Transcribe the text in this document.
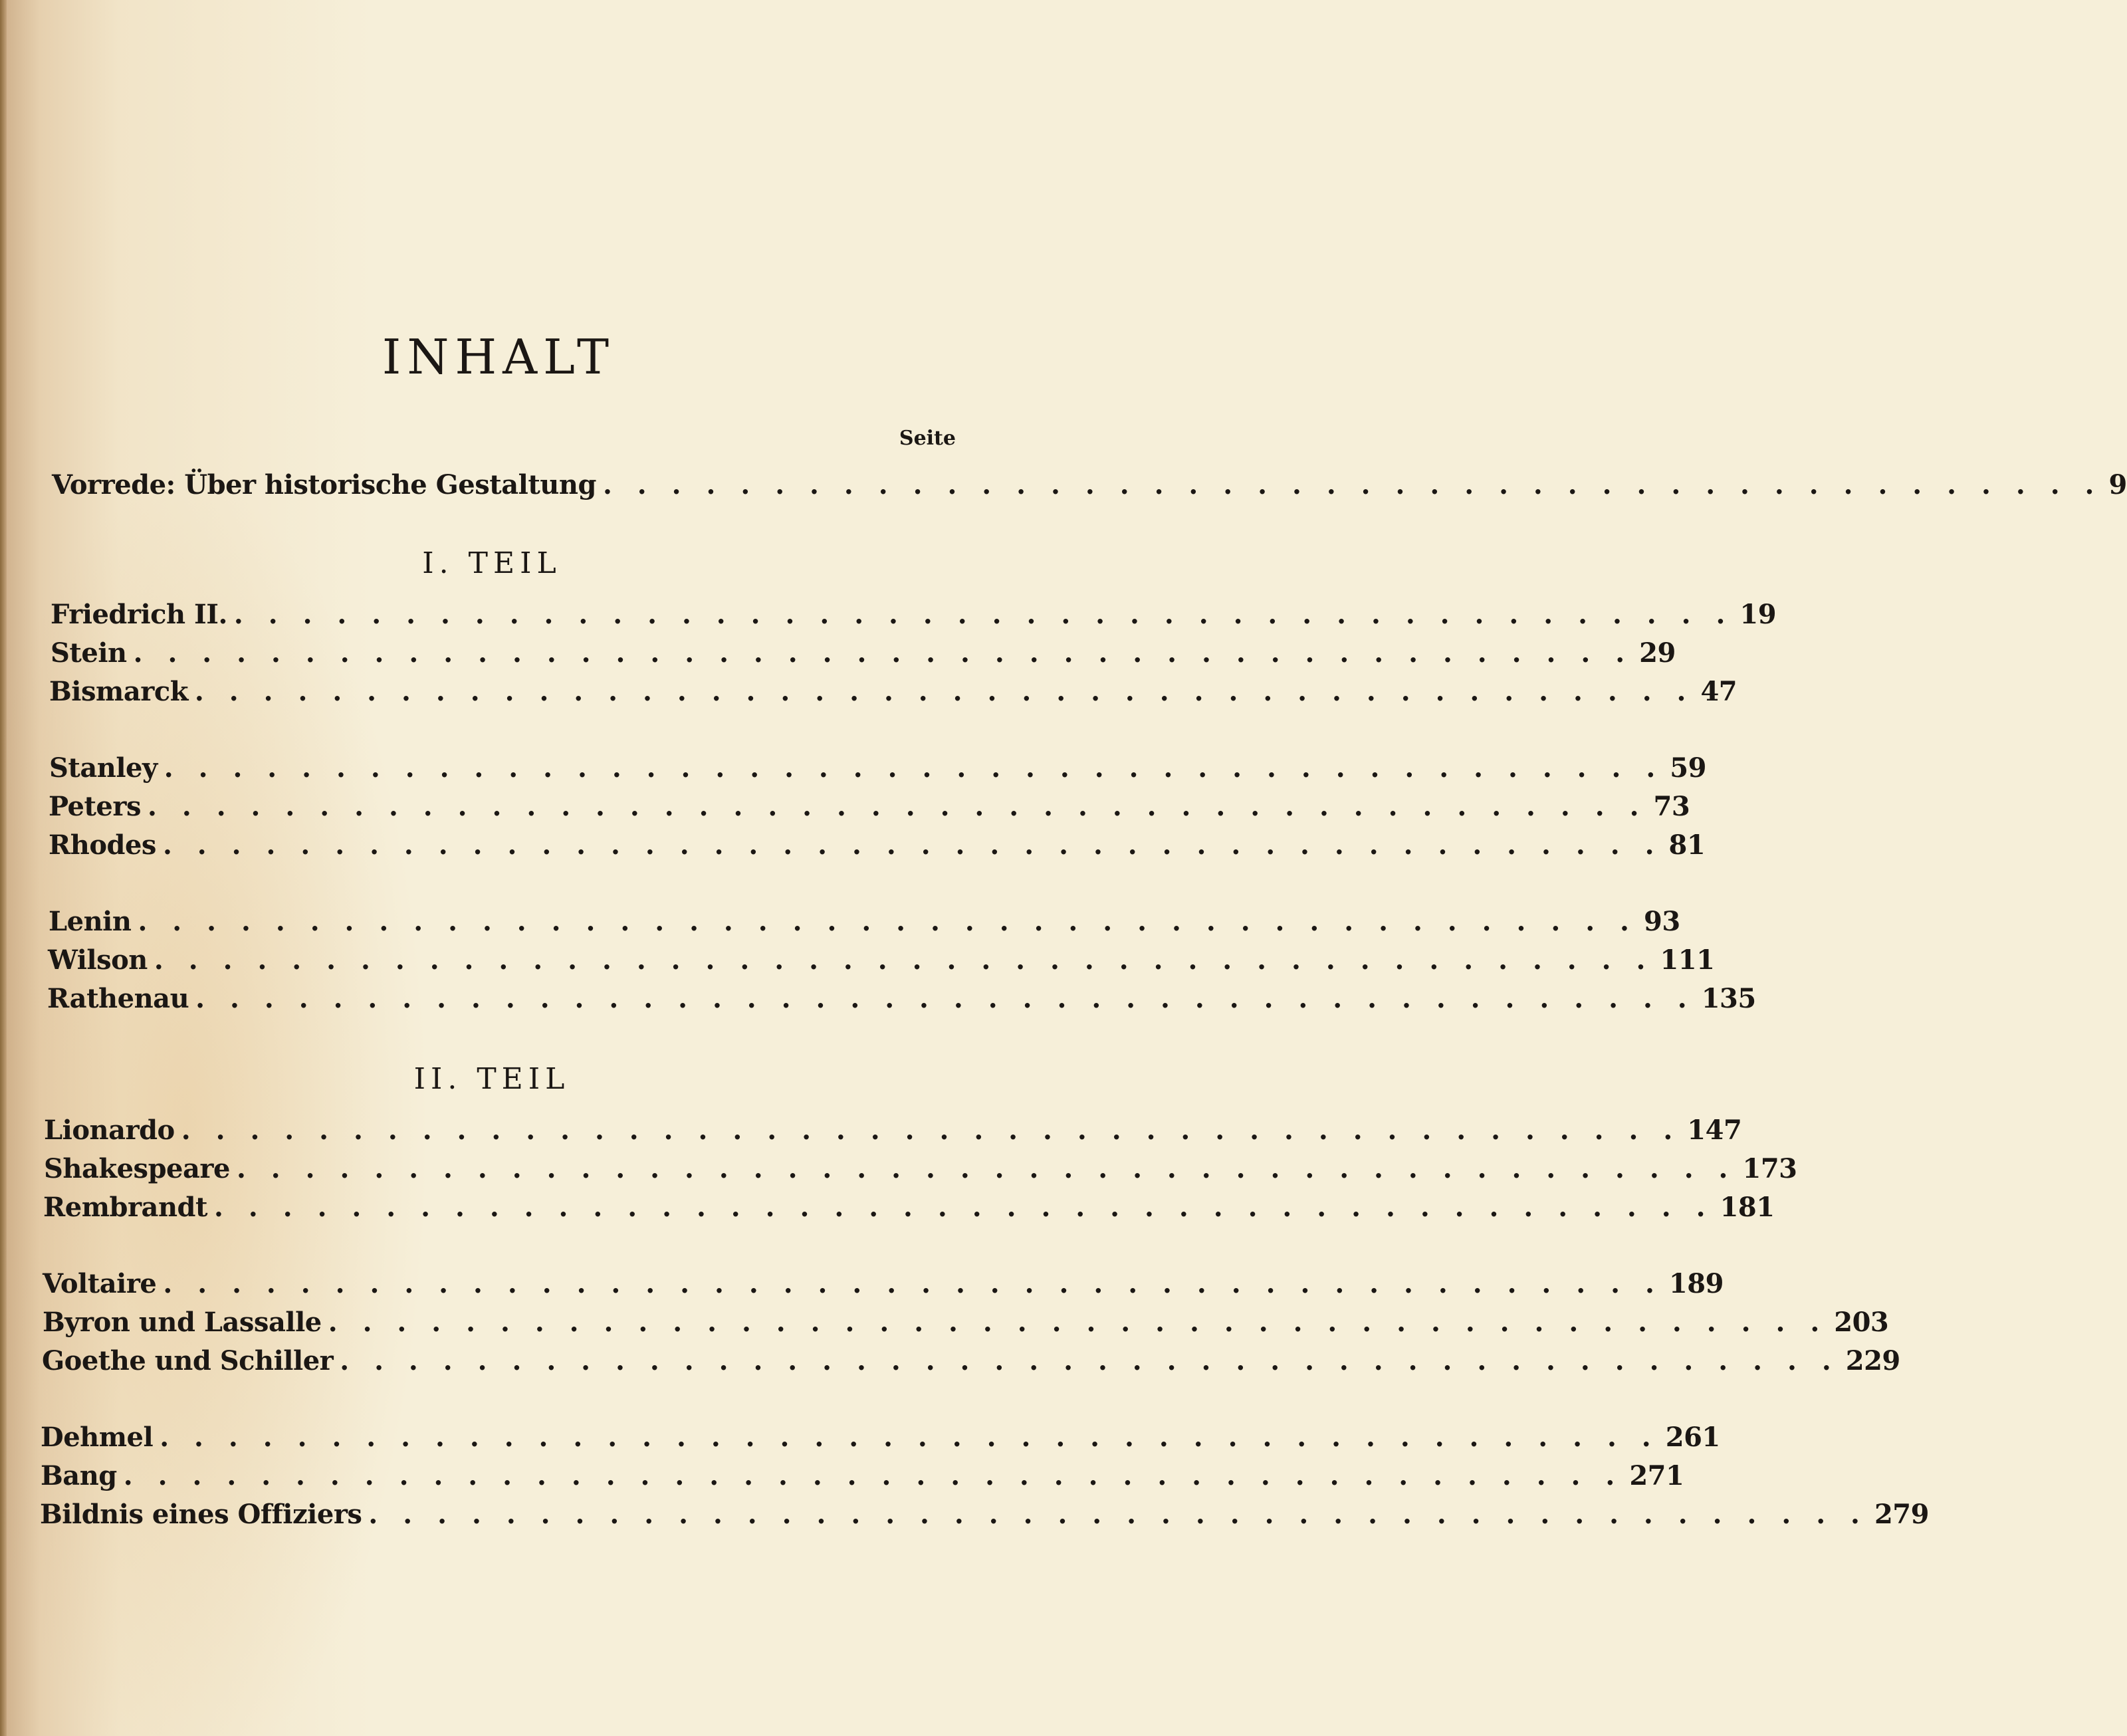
INHALT
Seite
Vorrede: Über historische Gestaltung . . . . . . . . . . . . . . . . . . . . . . . . . . . . . . . . . . . . . . . . . . . . 9
I. TEIL
Friedrich II. . . . . . . . . . . . . . . . . . . . . . . . . . . . . . . . . . . . . . . . . . . . . 19
Stein . . . . . . . . . . . . . . . . . . . . . . . . . . . . . . . . . . . . . . . . . . . . 29
Bismarck . . . . . . . . . . . . . . . . . . . . . . . . . . . . . . . . . . . . . . . . . . . . 47
Stanley . . . . . . . . . . . . . . . . . . . . . . . . . . . . . . . . . . . . . . . . . . . . 59
Peters . . . . . . . . . . . . . . . . . . . . . . . . . . . . . . . . . . . . . . . . . . . . 73
Rhodes . . . . . . . . . . . . . . . . . . . . . . . . . . . . . . . . . . . . . . . . . . . . 81
Lenin . . . . . . . . . . . . . . . . . . . . . . . . . . . . . . . . . . . . . . . . . . . . 93
Wilson . . . . . . . . . . . . . . . . . . . . . . . . . . . . . . . . . . . . . . . . . . . . 111
Rathenau . . . . . . . . . . . . . . . . . . . . . . . . . . . . . . . . . . . . . . . . . . . . 135
II. TEIL
Lionardo . . . . . . . . . . . . . . . . . . . . . . . . . . . . . . . . . . . . . . . . . . . . 147
Shakespeare . . . . . . . . . . . . . . . . . . . . . . . . . . . . . . . . . . . . . . . . . . . . 173
Rembrandt . . . . . . . . . . . . . . . . . . . . . . . . . . . . . . . . . . . . . . . . . . . . 181
Voltaire . . . . . . . . . . . . . . . . . . . . . . . . . . . . . . . . . . . . . . . . . . . . 189
Byron und Lassalle . . . . . . . . . . . . . . . . . . . . . . . . . . . . . . . . . . . . . . . . . . . . 203
Goethe und Schiller . . . . . . . . . . . . . . . . . . . . . . . . . . . . . . . . . . . . . . . . . . . . 229
Dehmel . . . . . . . . . . . . . . . . . . . . . . . . . . . . . . . . . . . . . . . . . . . . 261
Bang . . . . . . . . . . . . . . . . . . . . . . . . . . . . . . . . . . . . . . . . . . . . 271
Bildnis eines Offiziers . . . . . . . . . . . . . . . . . . . . . . . . . . . . . . . . . . . . . . . . . . . . 279
